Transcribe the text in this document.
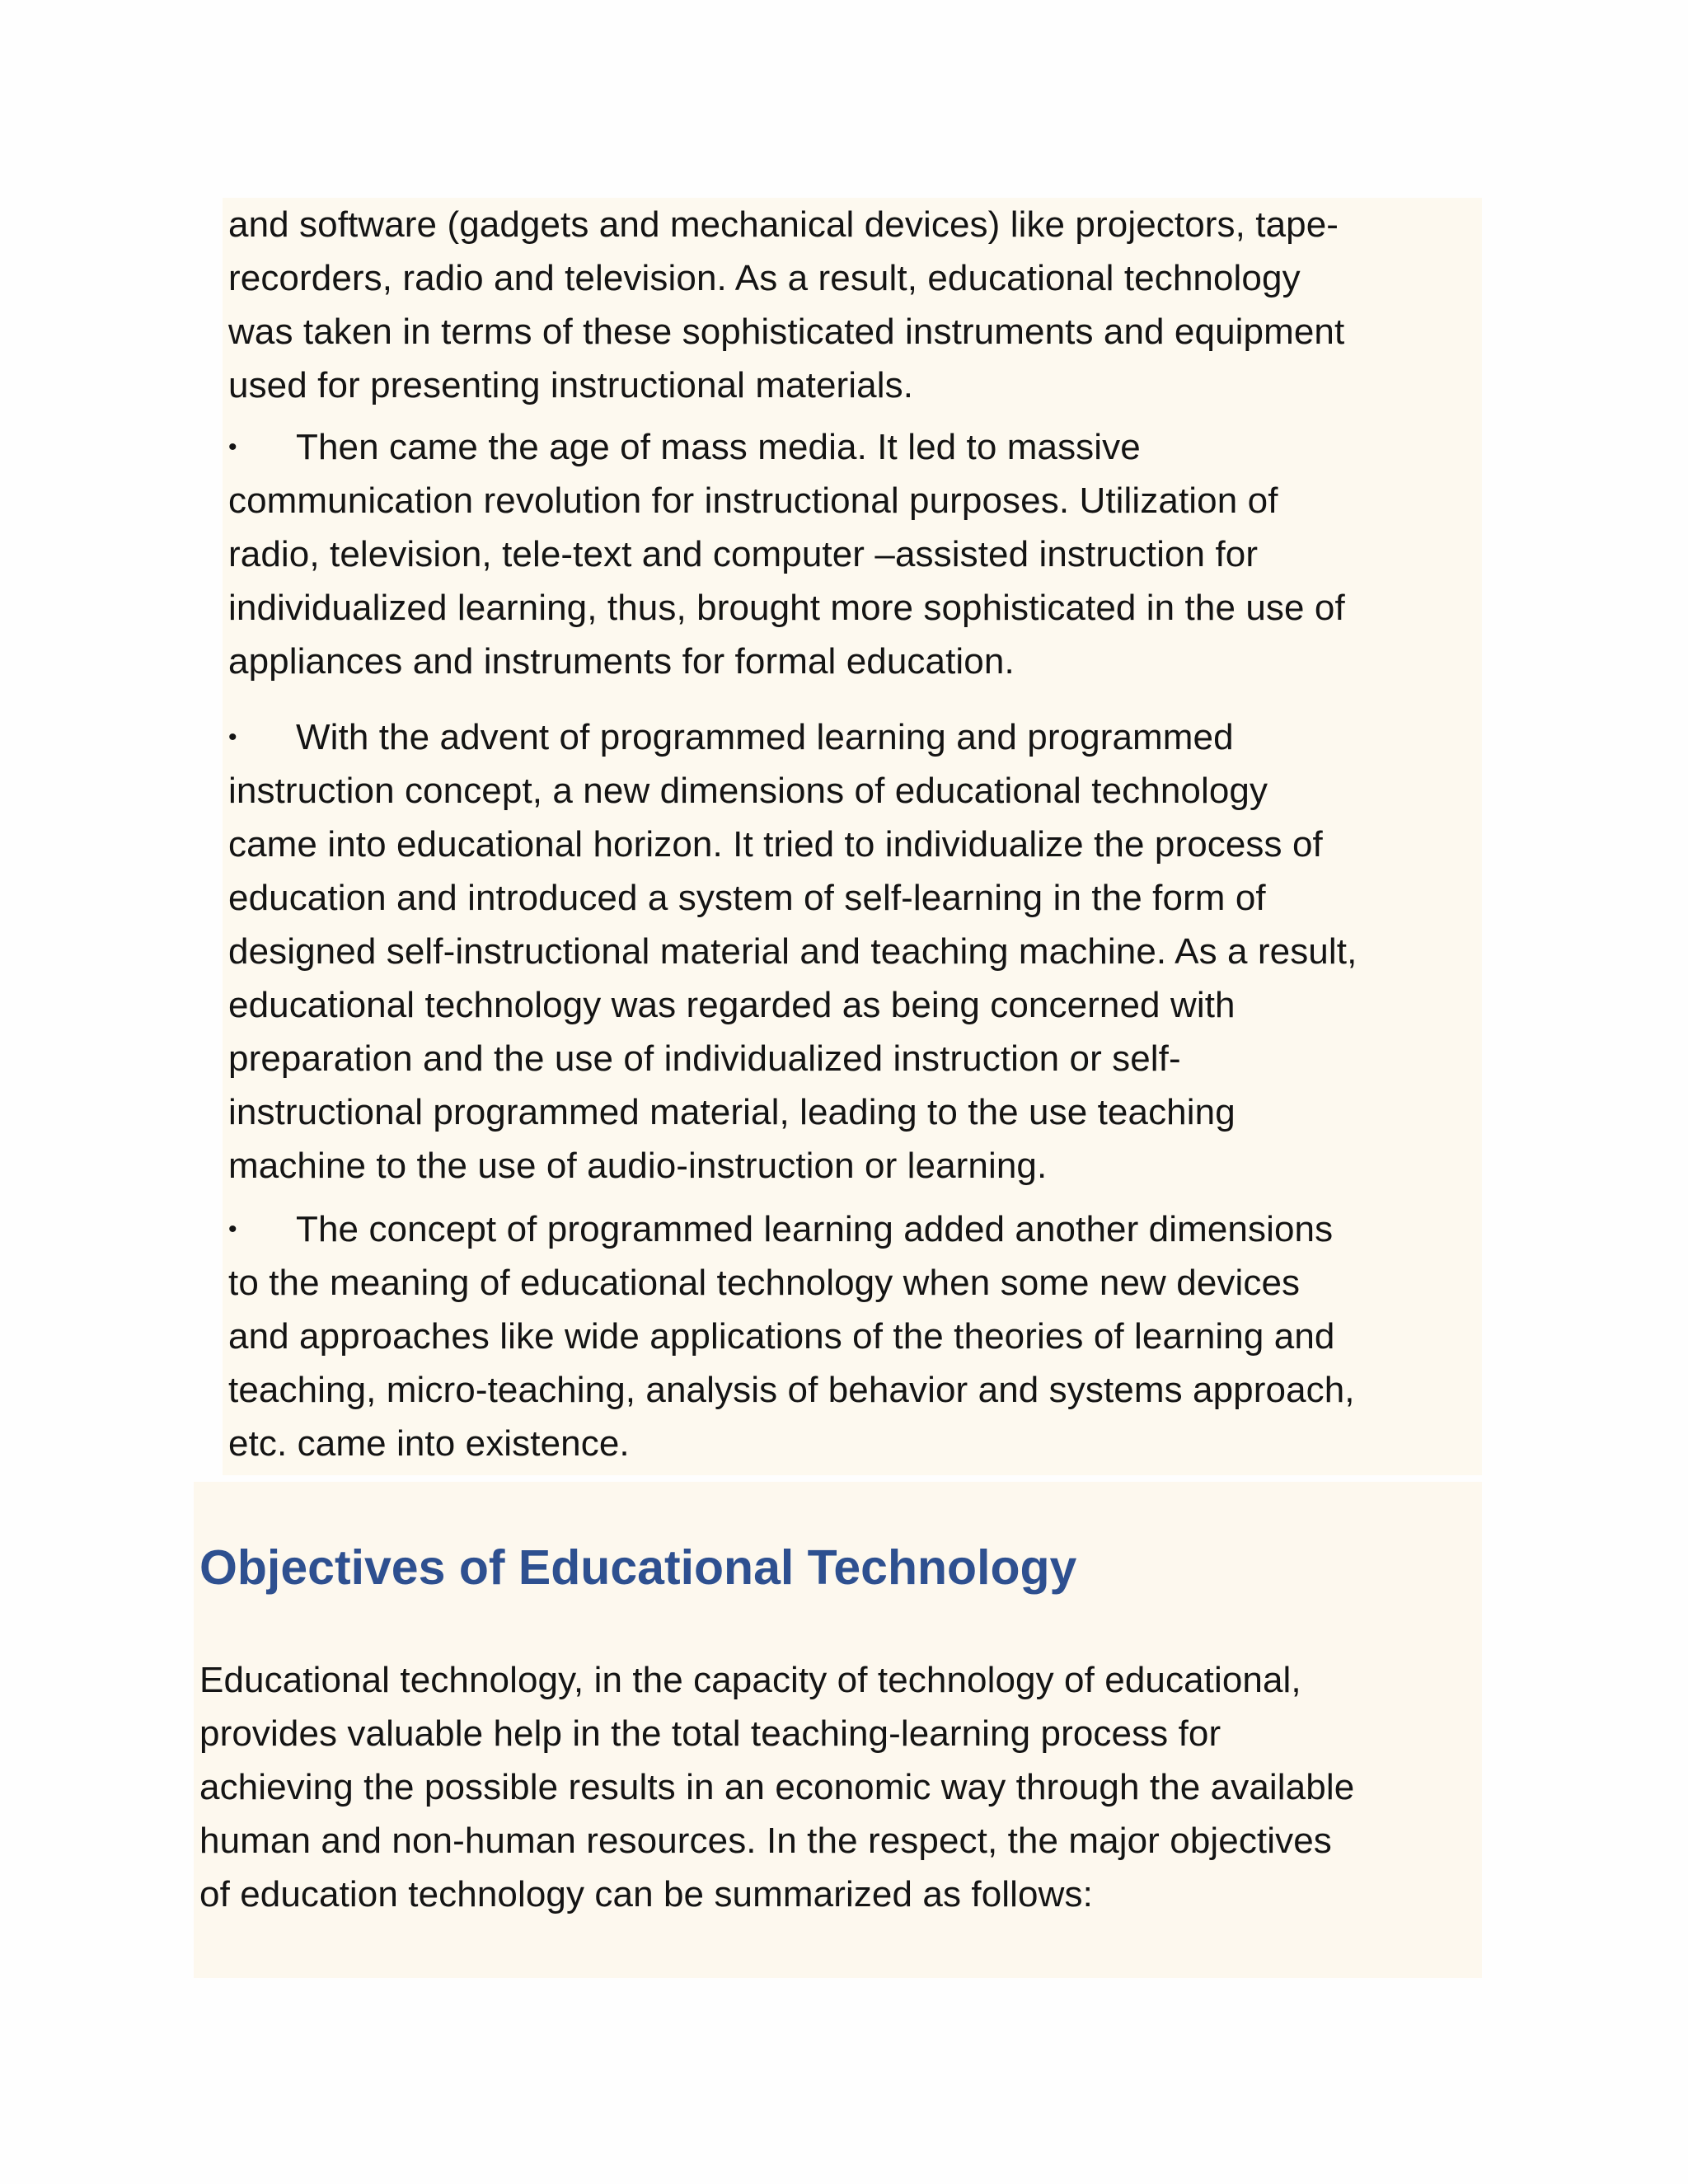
and software (gadgets and mechanical devices) like projectors, tape-
recorders, radio and television. As a result, educational technology
was taken in terms of these sophisticated instruments and equipment
used for presenting instructional materials.
•	Then came the age of mass media. It led to massive
communication revolution for instructional purposes. Utilization of
radio, television, tele-text and computer –assisted instruction for
individualized learning, thus, brought more sophisticated in the use of
appliances and instruments for formal education.
•	With the advent of programmed learning and programmed
instruction concept, a new dimensions of educational technology
came into educational horizon. It tried to individualize the process of
education and introduced a system of self-learning in the form of
designed self-instructional material and teaching machine. As a result,
educational technology was regarded as being concerned with
preparation and the use of individualized instruction or self-
instructional programmed material, leading to the use teaching
machine to the use of audio-instruction or learning.
•	The concept of programmed learning added another dimensions
to the meaning of educational technology when some new devices
and approaches like wide applications of the theories of learning and
teaching, micro-teaching, analysis of behavior and systems approach,
etc. came into existence.
Objectives of Educational Technology
Educational technology, in the capacity of technology of educational,
provides valuable help in the total teaching-learning process for
achieving the possible results in an economic way through the available
human and non-human resources. In the respect, the major objectives
of education technology can be summarized as follows:
